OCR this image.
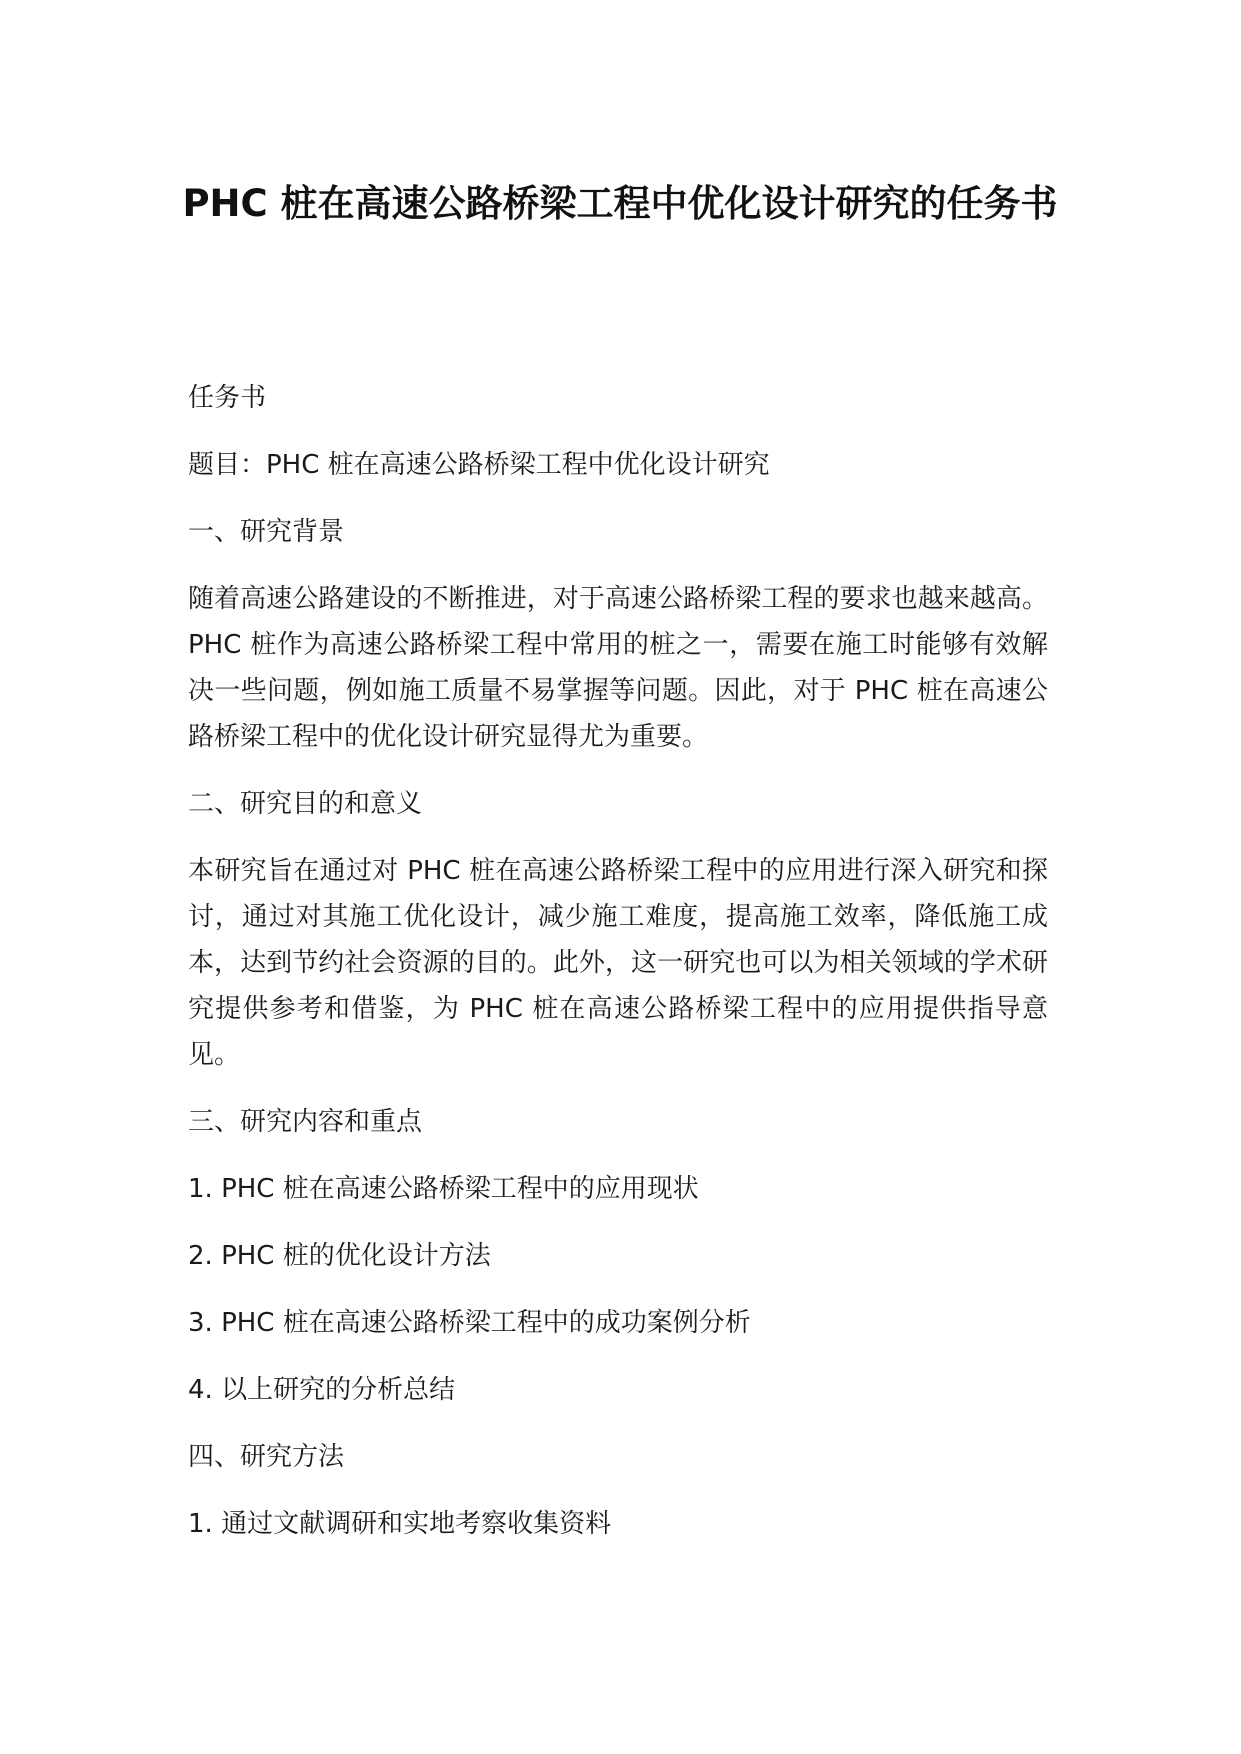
PHC 桩在高速公路桥梁工程中优化设计研究的任务书

任务书

题目：PHC 桩在高速公路桥梁工程中优化设计研究

一、研究背景

随着高速公路建设的不断推进，对于高速公路桥梁工程的要求也越来越高。PHC 桩作为高速公路桥梁工程中常用的桩之一，需要在施工时能够有效解决一些问题，例如施工质量不易掌握等问题。因此，对于 PHC 桩在高速公路桥梁工程中的优化设计研究显得尤为重要。

二、研究目的和意义

本研究旨在通过对 PHC 桩在高速公路桥梁工程中的应用进行深入研究和探讨，通过对其施工优化设计，减少施工难度，提高施工效率，降低施工成本，达到节约社会资源的目的。此外，这一研究也可以为相关领域的学术研究提供参考和借鉴，为 PHC 桩在高速公路桥梁工程中的应用提供指导意见。

三、研究内容和重点

1. PHC 桩在高速公路桥梁工程中的应用现状

2. PHC 桩的优化设计方法

3. PHC 桩在高速公路桥梁工程中的成功案例分析

4. 以上研究的分析总结

四、研究方法

1. 通过文献调研和实地考察收集资料
